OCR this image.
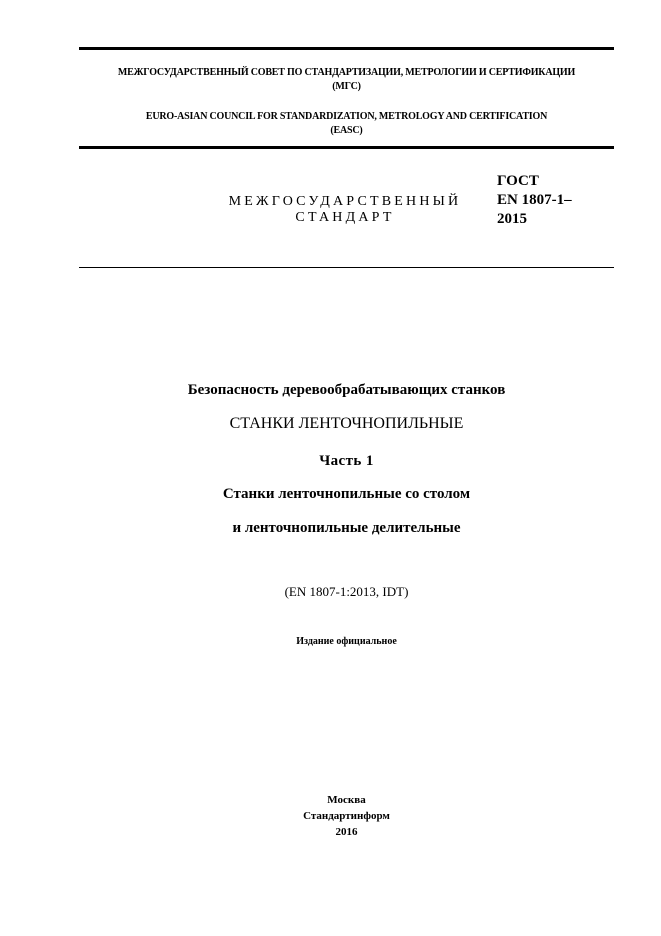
МЕЖГОСУДАРСТВЕННЫЙ СОВЕТ ПО СТАНДАРТИЗАЦИИ, МЕТРОЛОГИИ И СЕРТИФИКАЦИИ
(МГС)
EURO-ASIAN COUNCIL FOR STANDARDIZATION, METROLOGY AND CERTIFICATION
(EASC)
МЕЖГОСУДАРСТВЕННЫЙ
СТАНДАРТ
ГОСТ
EN 1807-1–
2015
Безопасность деревообрабатывающих станков
СТАНКИ ЛЕНТОЧНОПИЛЬНЫЕ
Часть 1
Станки ленточнопильные со столом
и ленточнопильные делительные
(EN 1807-1:2013, IDT)
Издание официальное
Москва
Стандартинформ
2016
